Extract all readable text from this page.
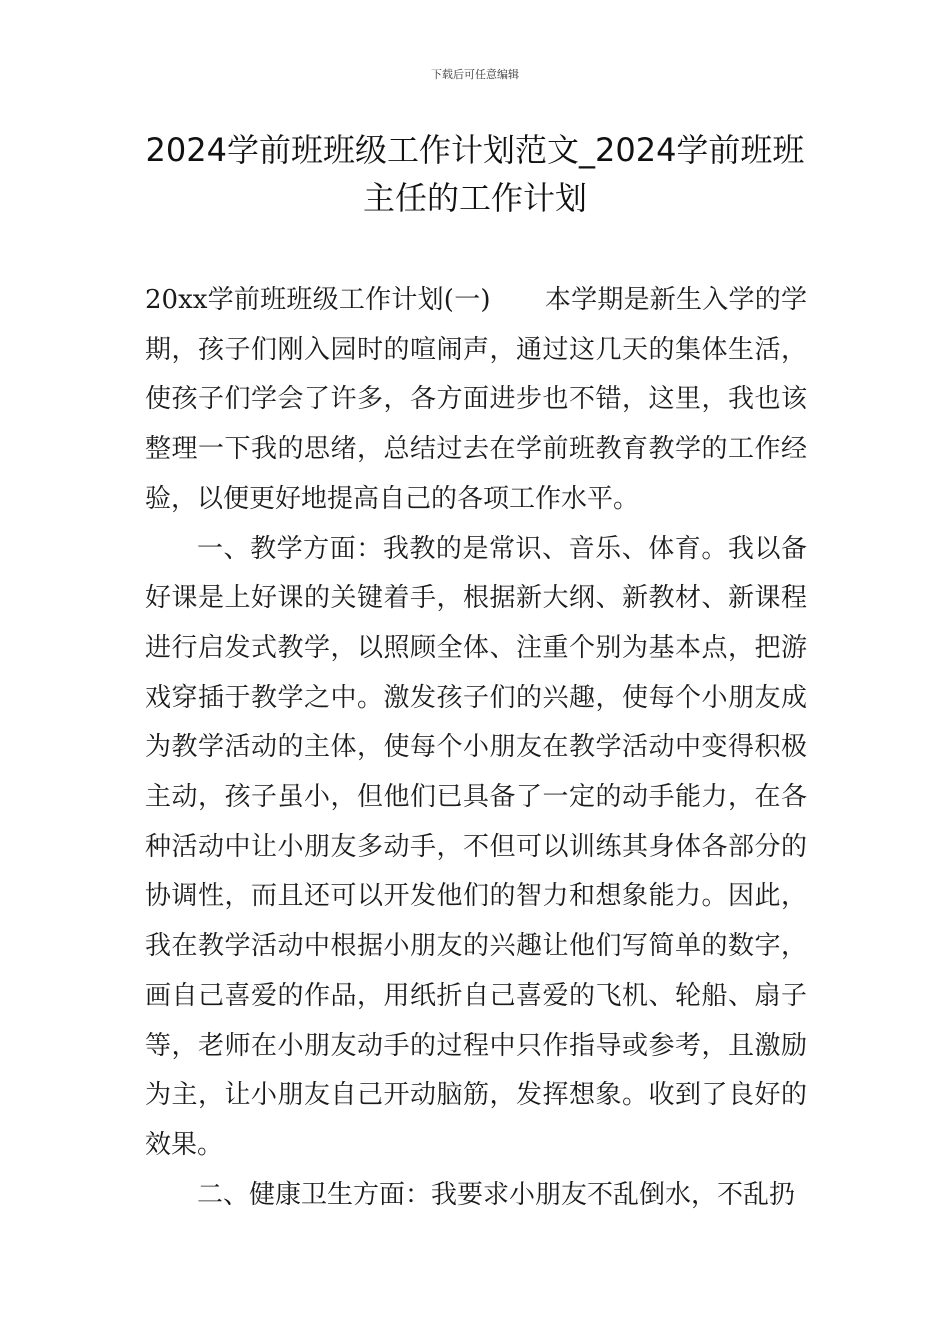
下载后可任意编辑
2024学前班班级工作计划范文_2024学前班班主任的工作计划

20xx学前班班级工作计划(一) 本学期是新生入学的学期，孩子们刚入园时的喧闹声，通过这几天的集体生活，使孩子们学会了许多，各方面进步也不错，这里，我也该整理一下我的思绪，总结过去在学前班教育教学的工作经验，以便更好地提高自己的各项工作水平。

一、教学方面：我教的是常识、音乐、体育。我以备好课是上好课的关键着手，根据新大纲、新教材、新课程进行启发式教学，以照顾全体、注重个别为基本点，把游戏穿插于教学之中。激发孩子们的兴趣，使每个小朋友成为教学活动的主体，使每个小朋友在教学活动中变得积极主动，孩子虽小，但他们已具备了一定的动手能力，在各种活动中让小朋友多动手，不但可以训练其身体各部分的协调性，而且还可以开发他们的智力和想象能力。因此，我在教学活动中根据小朋友的兴趣让他们写简单的数字，画自己喜爱的作品，用纸折自己喜爱的飞机、轮船、扇子等，老师在小朋友动手的过程中只作指导或参考，且激励为主，让小朋友自己开动脑筋，发挥想象。收到了良好的效果。

二、健康卫生方面：我要求小朋友不乱倒水，不乱扔
